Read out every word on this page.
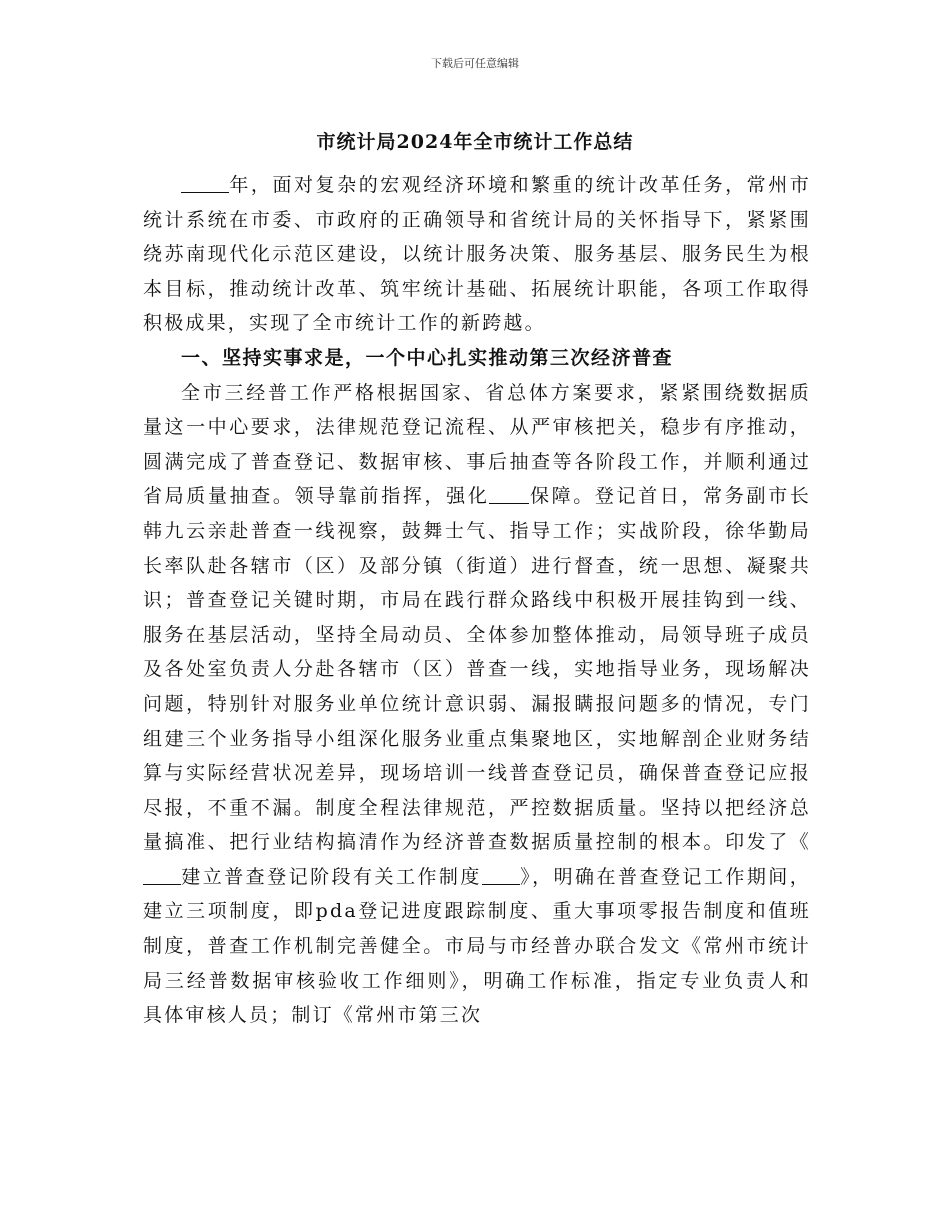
下载后可任意编辑
市统计局2024年全市统计工作总结

年，面对复杂的宏观经济环境和繁重的统计改革任务，常州市统计系统在市委、市政府的正确领导和省统计局的关怀指导下，紧紧围绕苏南现代化示范区建设，以统计服务决策、服务基层、服务民生为根本目标，推动统计改革、筑牢统计基础、拓展统计职能，各项工作取得积极成果，实现了全市统计工作的新跨越。

一、坚持实事求是，一个中心扎实推动第三次经济普查

全市三经普工作严格根据国家、省总体方案要求，紧紧围绕数据质量这一中心要求，法律规范登记流程、从严审核把关，稳步有序推动，圆满完成了普查登记、数据审核、事后抽查等各阶段工作，并顺利通过省局质量抽查。领导靠前指挥，强化 保障。登记首日，常务副市长韩九云亲赴普查一线视察，鼓舞士气、指导工作；实战阶段，徐华勤局长率队赴各辖市（区）及部分镇（街道）进行督查，统一思想、凝聚共识；普查登记关键时期，市局在践行群众路线中积极开展挂钩到一线、服务在基层活动，坚持全局动员、全体参加整体推动，局领导班子成员及各处室负责人分赴各辖市（区）普查一线，实地指导业务，现场解决问题，特别针对服务业单位统计意识弱、漏报瞒报问题多的情况，专门组建三个业务指导小组深化服务业重点集聚地区，实地解剖企业财务结算与实际经营状况差异，现场培训一线普查登记员，确保普查登记应报尽报，不重不漏。制度全程法律规范，严控数据质量。坚持以把经济总量搞准、把行业结构搞清作为经济普查数据质量控制的根本。印发了《建立普查登记阶段有关工作制度 》，明确在普查登记工作期间，建立三项制度，即pda登记进度跟踪制度、重大事项零报告制度和值班制度，普查工作机制完善健全。市局与市经普办联合发文《常州市统计局三经普数据审核验收工作细则》，明确工作标准，指定专业负责人和具体审核人员；制订《常州市第三次
